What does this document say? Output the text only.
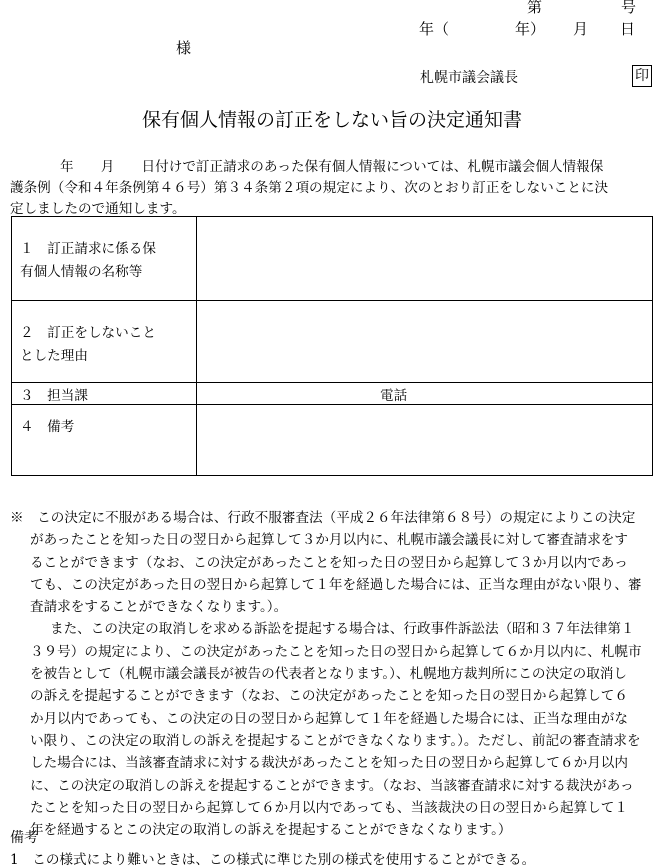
第	号
年（	年） 月 日
様
札幌市議会議長	印
保有個人情報の訂正をしない旨の決定通知書
年　　月　　日付けで訂正請求のあった保有個人情報については、札幌市議会個人情報保
護条例（令和４年条例第４６号）第３４条第２項の規定により、次のとおり訂正をしないことに決
定しましたので通知します。
１　訂正請求に係る保
有個人情報の名称等	
２　訂正をしないこと
とした理由	
３　担当課	電話
４　備考	
※　この決定に不服がある場合は、行政不服審査法（平成２６年法律第６８号）の規定によりこの決定
があったことを知った日の翌日から起算して３か月以内に、札幌市議会議長に対して審査請求をす
ることができます（なお、この決定があったことを知った日の翌日から起算して３か月以内であっ
ても、この決定があった日の翌日から起算して１年を経過した場合には、正当な理由がない限り、審
査請求をすることができなくなります。）。
また、この決定の取消しを求める訴訟を提起する場合は、行政事件訴訟法（昭和３７年法律第１
３９号）の規定により、この決定があったことを知った日の翌日から起算して６か月以内に、札幌市
を被告として（札幌市議会議長が被告の代表者となります。）、札幌地方裁判所にこの決定の取消し
の訴えを提起することができます（なお、この決定があったことを知った日の翌日から起算して６
か月以内であっても、この決定の日の翌日から起算して１年を経過した場合には、正当な理由がな
い限り、この決定の取消しの訴えを提起することができなくなります。）。ただし、前記の審査請求を
した場合には、当該審査請求に対する裁決があったことを知った日の翌日から起算して６か月以内
に、この決定の取消しの訴えを提起することができます。（なお、当該審査請求に対する裁決があっ
たことを知った日の翌日から起算して６か月以内であっても、当該裁決の日の翌日から起算して１
年を経過するとこの決定の取消しの訴えを提起することができなくなります。）
備考
1　この様式により難いときは、この様式に準じた別の様式を使用することができる。
